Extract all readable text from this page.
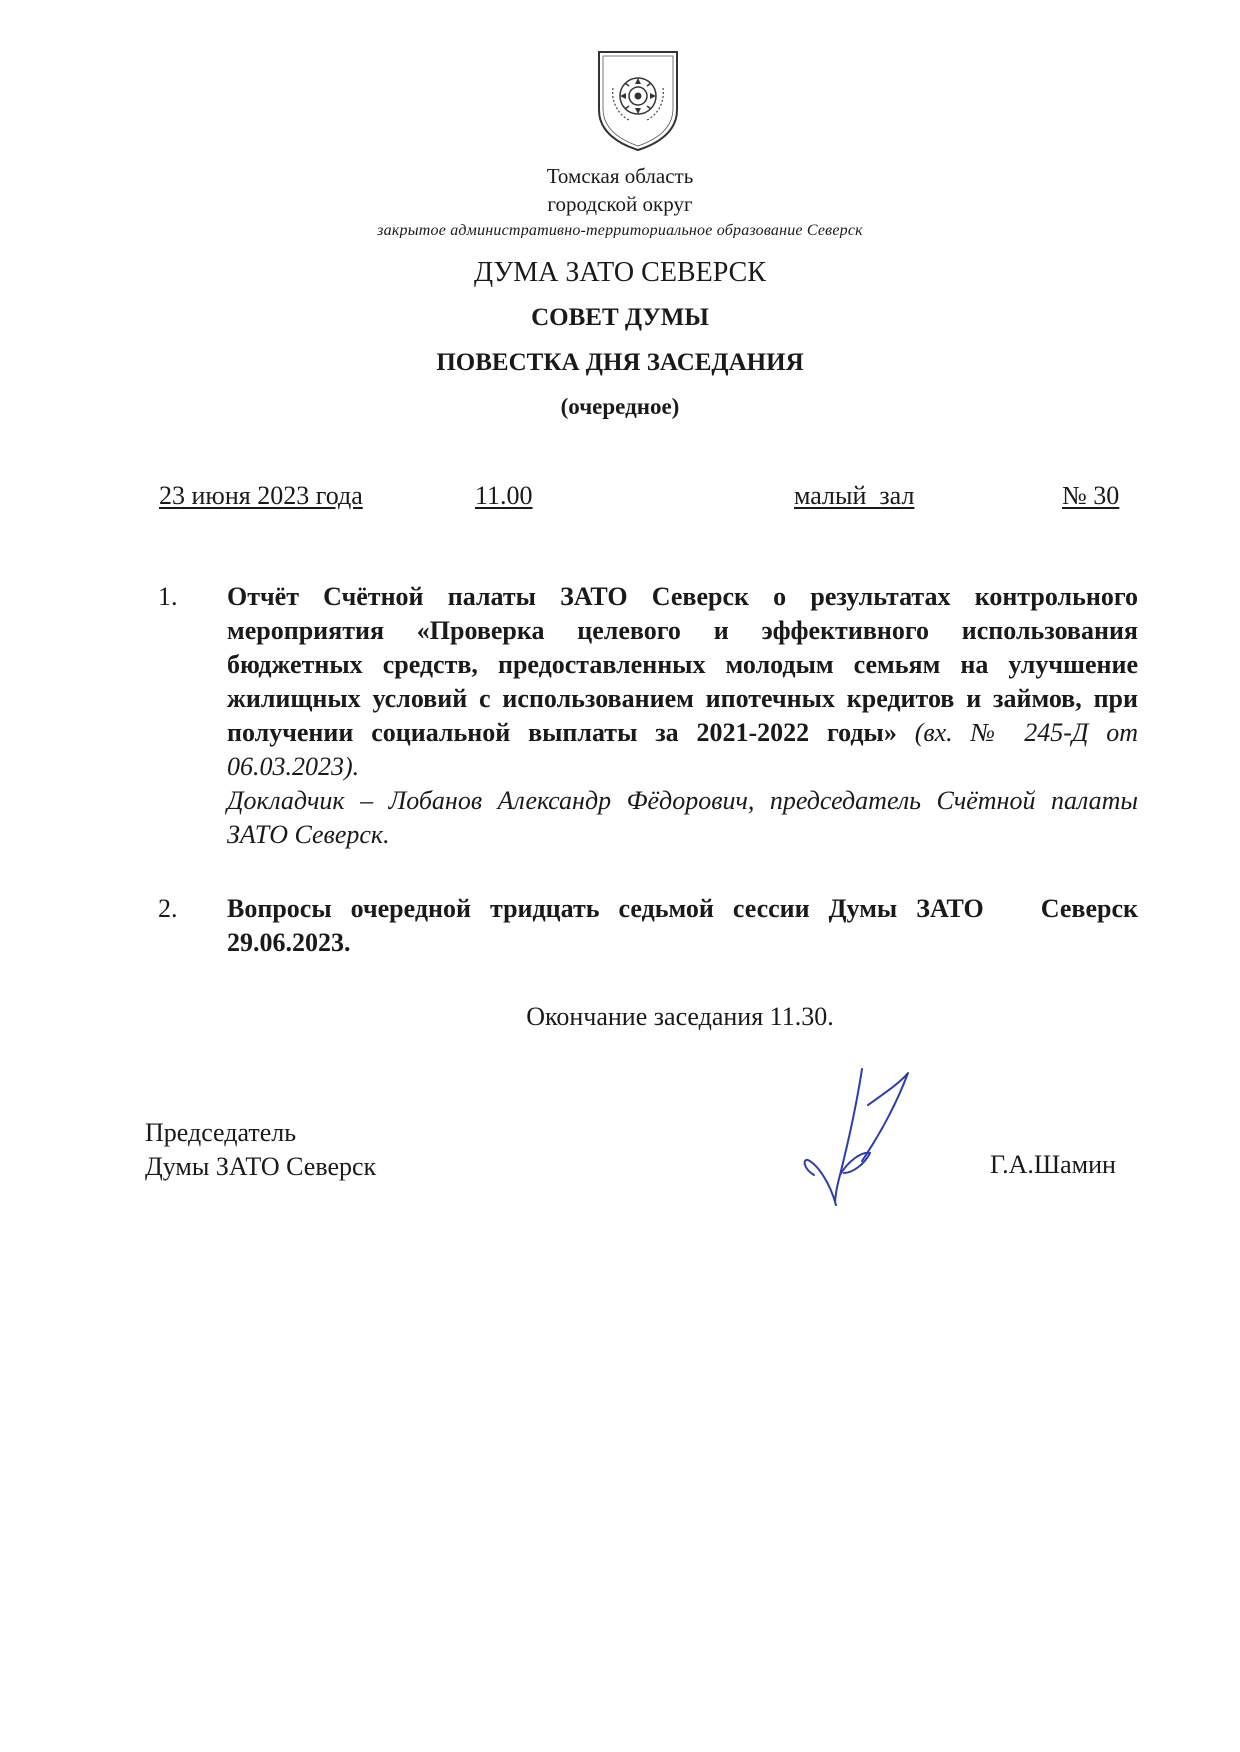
Томская область
городской округ
закрытое административно-территориальное образование Северск
ДУМА ЗАТО СЕВЕРСК
СОВЕТ ДУМЫ
ПОВЕСТКА ДНЯ ЗАСЕДАНИЯ
(очередное)
23 июня 2023 года	11.00	малый  зал	№ 30
1. Отчёт Счётной палаты ЗАТО Северск о результатах контрольного мероприятия «Проверка целевого и эффективного использования бюджетных средств, предоставленных молодым семьям на улучшение жилищных условий с использованием ипотечных кредитов и займов, при получении социальной выплаты за 2021-2022 годы» (вх. № 245-Д от 06.03.2023).
Докладчик – Лобанов Александр Фёдорович, председатель Счётной палаты ЗАТО Северск.
2. Вопросы очередной тридцать седьмой сессии Думы ЗАТО   Северск   29.06.2023.
Окончание заседания 11.30.
Председатель
Думы ЗАТО Северск	Г.А.Шамин
